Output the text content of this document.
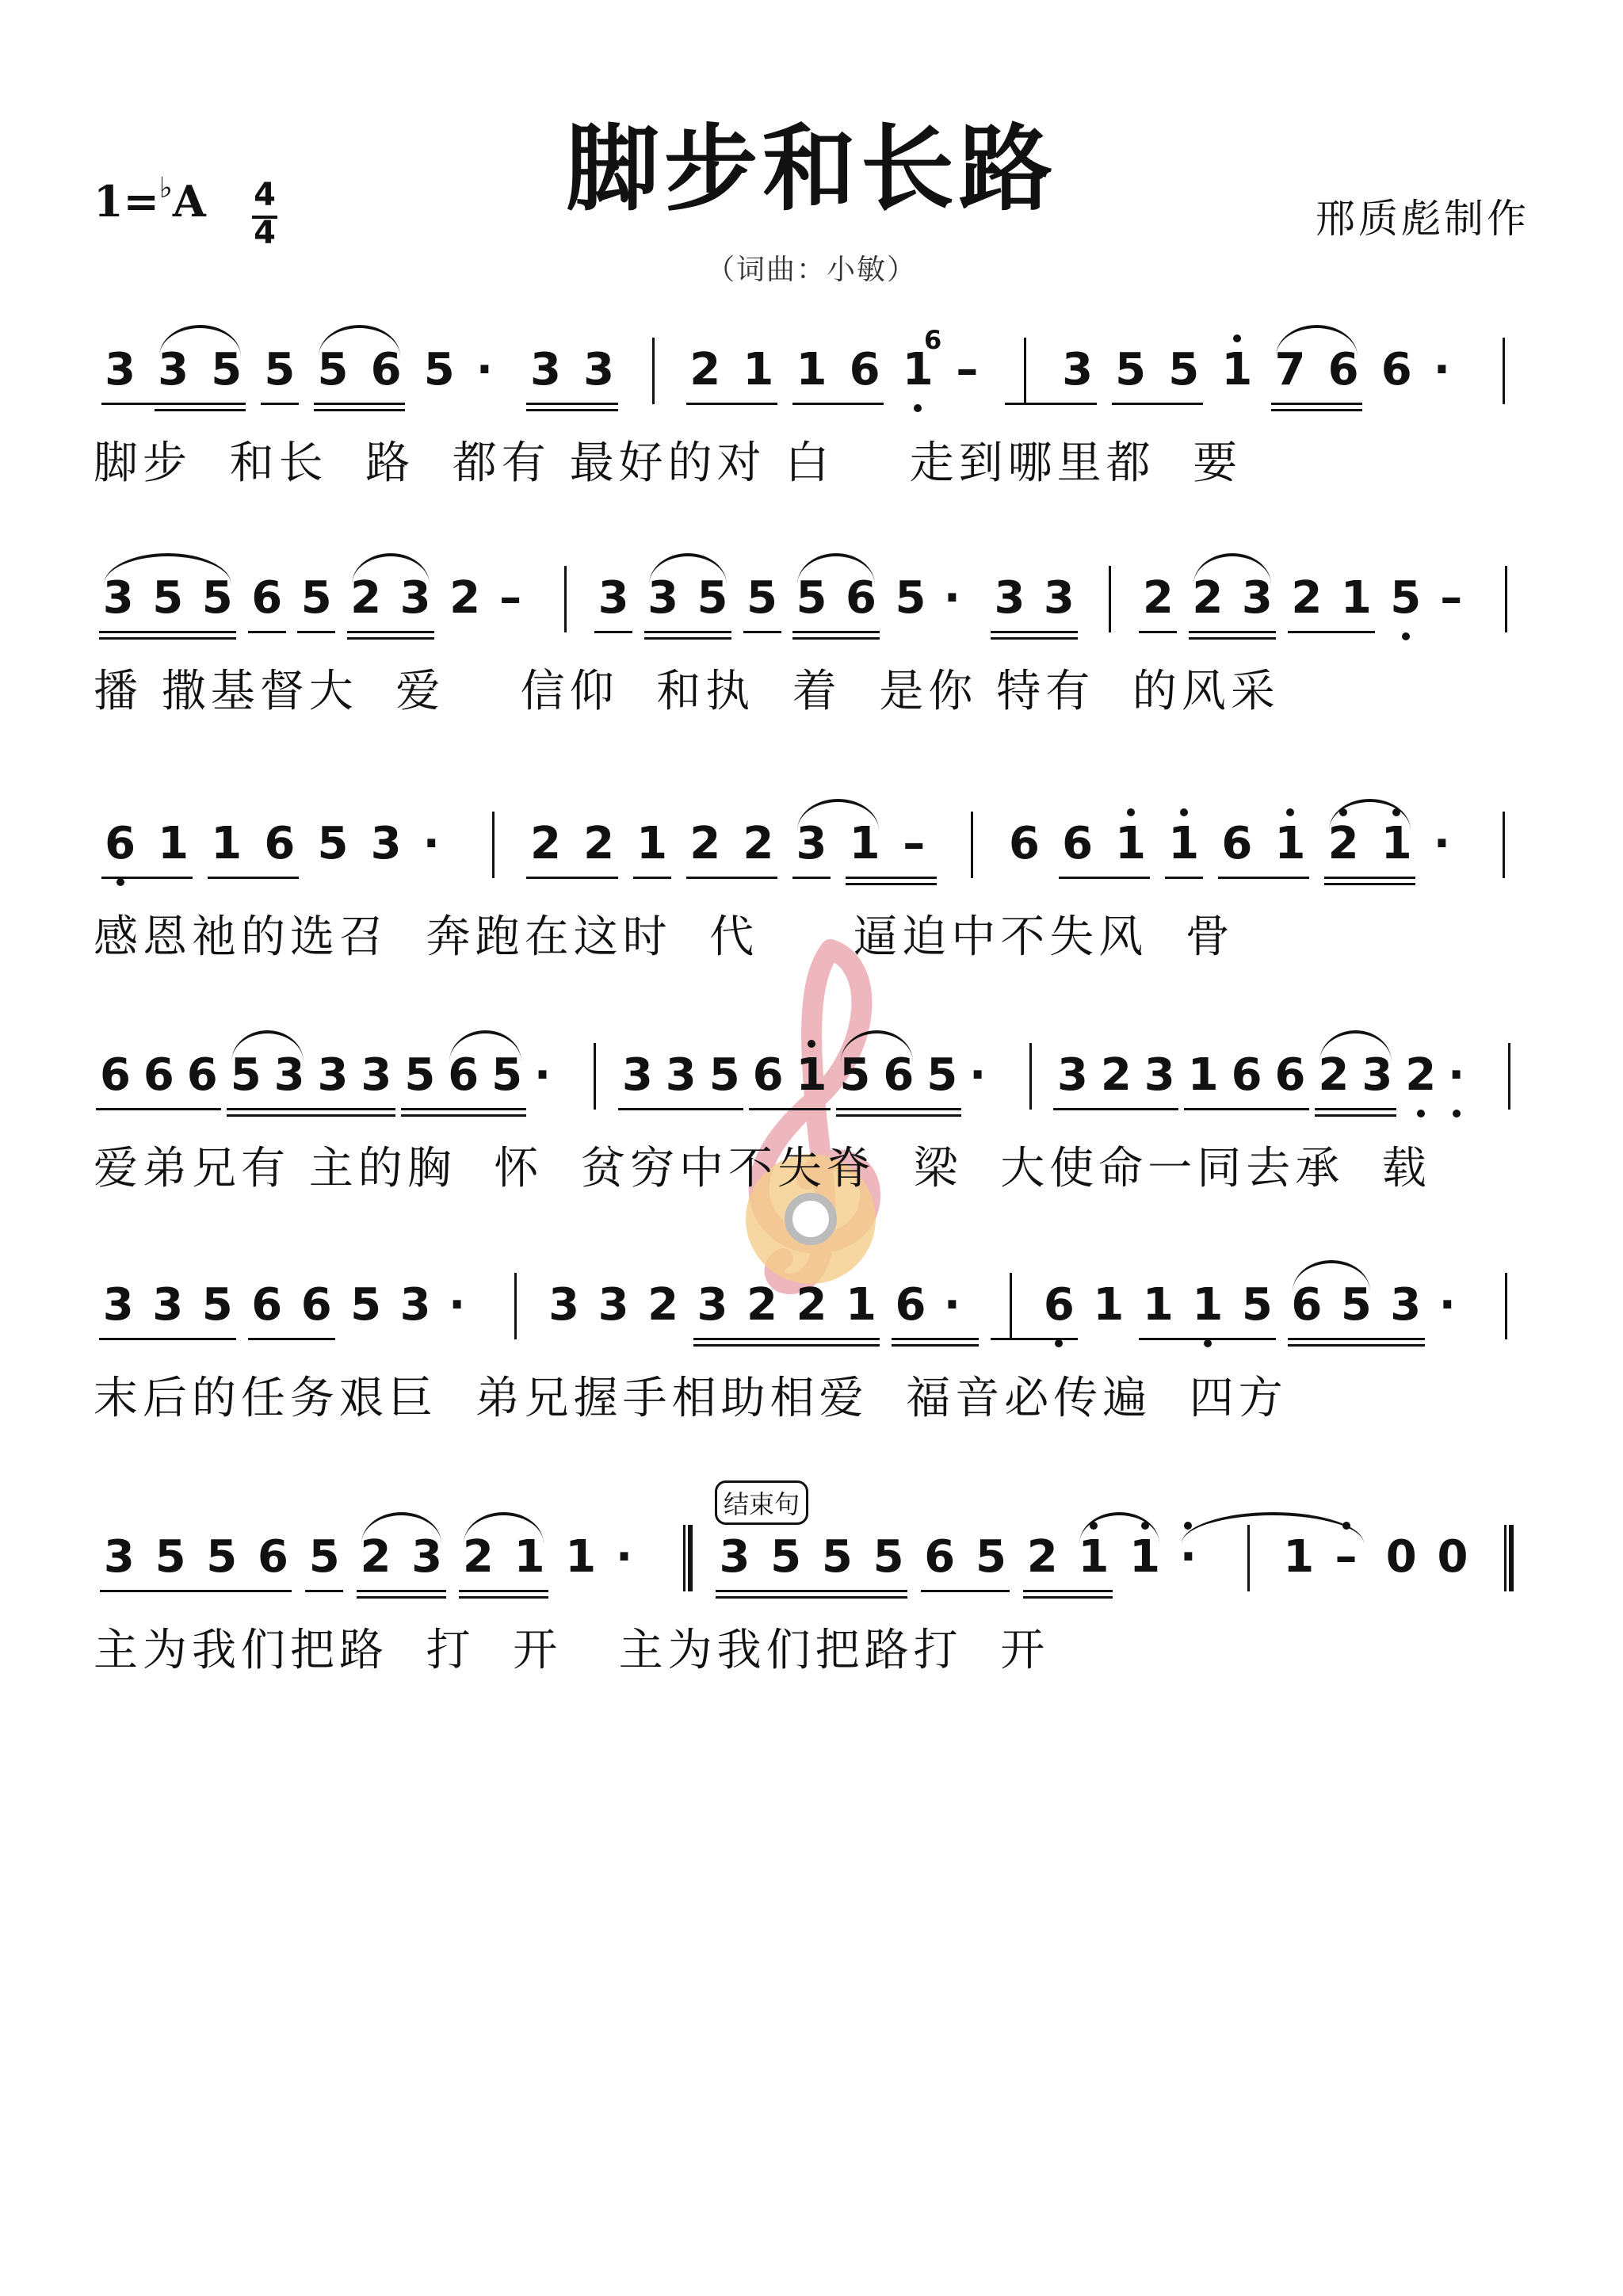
脚步和长路
1=♭A 4
4	邢质彪制作
（词曲：小敏）
6
结束句
3 3 5 5 5 6 5 · 3 3 2 1 1 6 1 – 3 5 5 1 7 6 6 ·
脚步  和长  路  都有 最好的对 白    走到哪里都  要
3 5 5 6 5 2 3 2 – 3 3 5 5 5 6 5 · 3 3 2 2 3 2 1 5 –
播 撒基督大  爱    信仰  和执  着  是你 特有  的风采
6 1 1 6 5 3 · 2 2 1 2 2 3 1 – 6 6 1 1 6 1 2 1 ·
感恩祂的选召  奔跑在这时  代     逼迫中不失风  骨
6 6 6 5 3 3 3 5 6 5 · 3 3 5 6 1 5 6 5 · 3 2 3 1 6 6 2 3 2 ·
爱弟兄有 主的胸  怀  贫穷中不失脊  梁  大使命一同去承  载
3 3 5 6 6 5 3 · 3 3 2 3 2 2 1 6 · 6 1 1 1 5 6 5 3 ·
末后的任务艰巨  弟兄握手相助相爱  福音必传遍  四方
3 5 5 6 5 2 3 2 1 1 · 3 5 5 5 6 5 2 1 1 · 1 – 0 0
主为我们把路  打  开   主为我们把路打  开
